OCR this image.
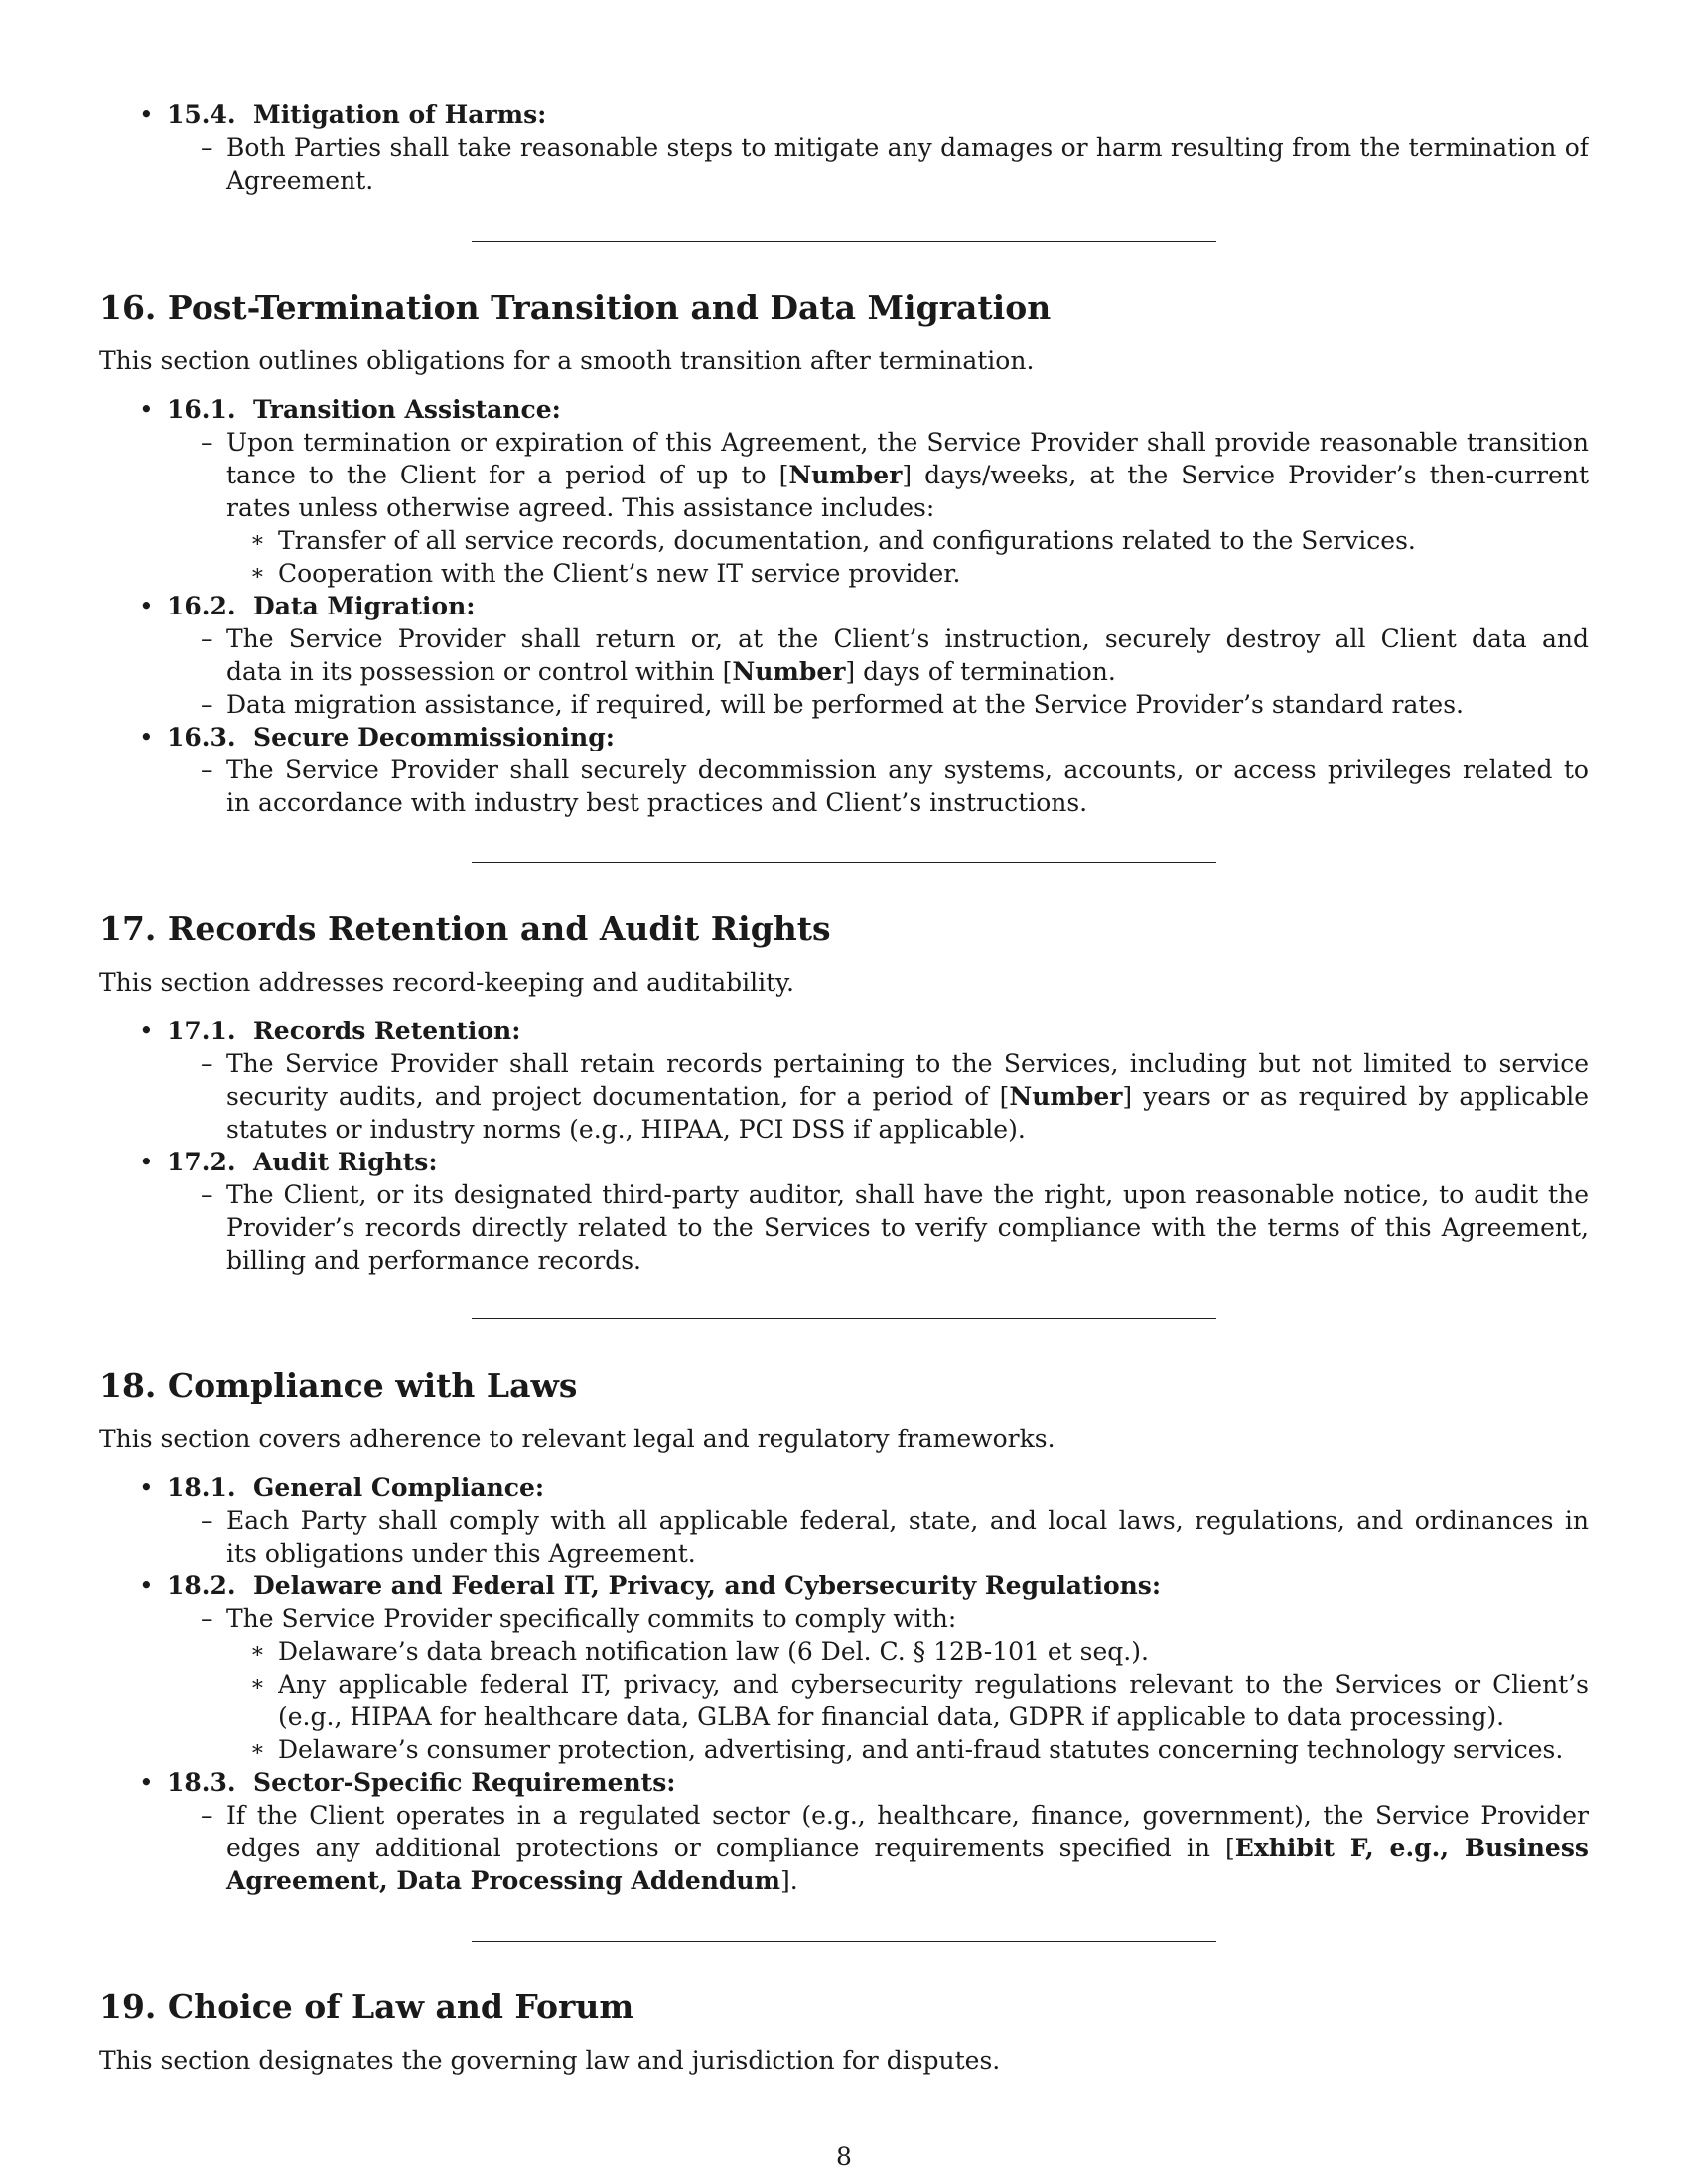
• 15.4. Mitigation of Harms:
– Both Parties shall take reasonable steps to mitigate any damages or harm resulting from the termination of
Agreement.
16. Post-Termination Transition and Data Migration
This section outlines obligations for a smooth transition after termination.
• 16.1. Transition Assistance:
– Upon termination or expiration of this Agreement, the Service Provider shall provide reasonable transition
tance to the Client for a period of up to [Number] days/weeks, at the Service Provider’s then-current
rates unless otherwise agreed. This assistance includes:
∗ Transfer of all service records, documentation, and configurations related to the Services.
∗ Cooperation with the Client’s new IT service provider.
• 16.2. Data Migration:
– The Service Provider shall return or, at the Client’s instruction, securely destroy all Client data and
data in its possession or control within [Number] days of termination.
– Data migration assistance, if required, will be performed at the Service Provider’s standard rates.
• 16.3. Secure Decommissioning:
– The Service Provider shall securely decommission any systems, accounts, or access privileges related to
in accordance with industry best practices and Client’s instructions.
17. Records Retention and Audit Rights
This section addresses record-keeping and auditability.
• 17.1. Records Retention:
– The Service Provider shall retain records pertaining to the Services, including but not limited to service
security audits, and project documentation, for a period of [Number] years or as required by applicable
statutes or industry norms (e.g., HIPAA, PCI DSS if applicable).
• 17.2. Audit Rights:
– The Client, or its designated third-party auditor, shall have the right, upon reasonable notice, to audit the
Provider’s records directly related to the Services to verify compliance with the terms of this Agreement,
billing and performance records.
18. Compliance with Laws
This section covers adherence to relevant legal and regulatory frameworks.
• 18.1. General Compliance:
– Each Party shall comply with all applicable federal, state, and local laws, regulations, and ordinances in
its obligations under this Agreement.
• 18.2. Delaware and Federal IT, Privacy, and Cybersecurity Regulations:
– The Service Provider specifically commits to comply with:
∗ Delaware’s data breach notification law (6 Del. C. § 12B-101 et seq.).
∗ Any applicable federal IT, privacy, and cybersecurity regulations relevant to the Services or Client’s
(e.g., HIPAA for healthcare data, GLBA for financial data, GDPR if applicable to data processing).
∗ Delaware’s consumer protection, advertising, and anti-fraud statutes concerning technology services.
• 18.3. Sector-Specific Requirements:
– If the Client operates in a regulated sector (e.g., healthcare, finance, government), the Service Provider
edges any additional protections or compliance requirements specified in [Exhibit F, e.g., Business
Agreement, Data Processing Addendum].
19. Choice of Law and Forum
This section designates the governing law and jurisdiction for disputes.
8
